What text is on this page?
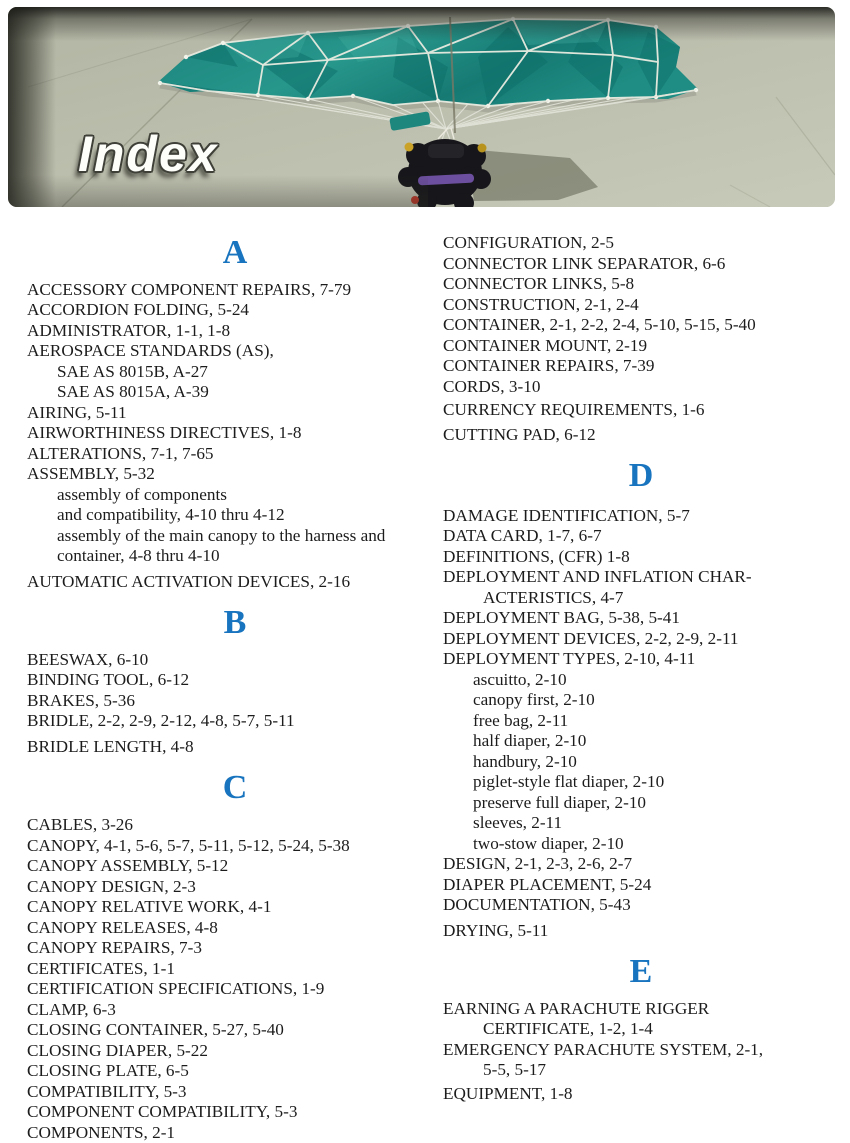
Index
A
ACCESSORY COMPONENT REPAIRS, 7-79
ACCORDION FOLDING, 5-24
ADMINISTRATOR, 1-1, 1-8
AEROSPACE STANDARDS (AS),
SAE AS 8015B, A-27
SAE AS 8015A, A-39
AIRING, 5-11
AIRWORTHINESS DIRECTIVES, 1-8
ALTERATIONS, 7-1, 7-65
ASSEMBLY, 5-32
assembly of components
and compatibility, 4-10 thru 4-12
assembly of the main canopy to the harness and
container, 4-8 thru 4-10
AUTOMATIC ACTIVATION DEVICES, 2-16
B
BEESWAX, 6-10
BINDING TOOL, 6-12
BRAKES, 5-36
BRIDLE, 2-2, 2-9, 2-12, 4-8, 5-7, 5-11
BRIDLE LENGTH, 4-8
C
CABLES, 3-26
CANOPY, 4-1, 5-6, 5-7, 5-11, 5-12, 5-24, 5-38
CANOPY ASSEMBLY, 5-12
CANOPY DESIGN, 2-3
CANOPY RELATIVE WORK, 4-1
CANOPY RELEASES, 4-8
CANOPY REPAIRS, 7-3
CERTIFICATES, 1-1
CERTIFICATION SPECIFICATIONS, 1-9
CLAMP, 6-3
CLOSING CONTAINER, 5-27, 5-40
CLOSING DIAPER, 5-22
CLOSING PLATE, 6-5
COMPATIBILITY, 5-3
COMPONENT COMPATIBILITY, 5-3
COMPONENTS, 2-1
CONFIGURATION, 2-5
CONNECTOR LINK SEPARATOR, 6-6
CONNECTOR LINKS, 5-8
CONSTRUCTION, 2-1, 2-4
CONTAINER, 2-1, 2-2, 2-4, 5-10, 5-15, 5-40
CONTAINER MOUNT, 2-19
CONTAINER REPAIRS, 7-39
CORDS, 3-10
CURRENCY REQUIREMENTS, 1-6
CUTTING PAD, 6-12
D
DAMAGE IDENTIFICATION, 5-7
DATA CARD, 1-7, 6-7
DEFINITIONS, (CFR) 1-8
DEPLOYMENT AND INFLATION CHAR-
ACTERISTICS, 4-7
DEPLOYMENT BAG, 5-38, 5-41
DEPLOYMENT DEVICES, 2-2, 2-9, 2-11
DEPLOYMENT TYPES, 2-10, 4-11
ascuitto, 2-10
canopy first, 2-10
free bag, 2-11
half diaper, 2-10
handbury, 2-10
piglet-style flat diaper, 2-10
preserve full diaper, 2-10
sleeves, 2-11
two-stow diaper, 2-10
DESIGN, 2-1, 2-3, 2-6, 2-7
DIAPER PLACEMENT, 5-24
DOCUMENTATION, 5-43
DRYING, 5-11
E
EARNING A PARACHUTE RIGGER
CERTIFICATE, 1-2, 1-4
EMERGENCY PARACHUTE SYSTEM, 2-1,
5-5, 5-17
EQUIPMENT, 1-8
